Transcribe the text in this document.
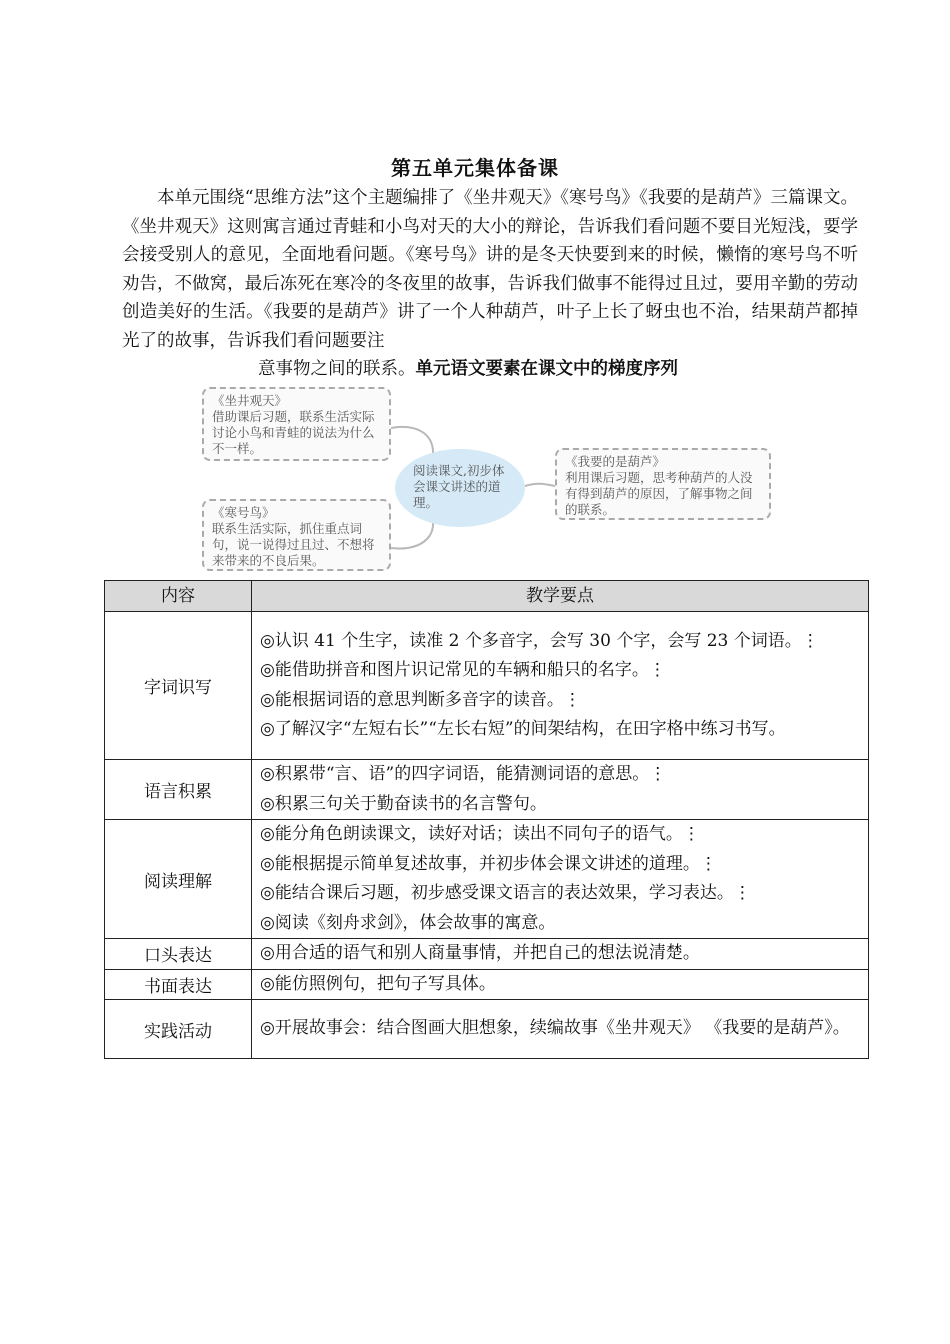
第五单元集体备课
本单元围绕“思维方法”这个主题编排了《坐井观天》《寒号鸟》《我要的是葫芦》三篇课文。《坐井观天》这则寓言通过青蛙和小鸟对天的大小的辩论，告诉我们看问题不要目光短浅，要学会接受别人的意见，全面地看问题。《寒号鸟》讲的是冬天快要到来的时候，懒惰的寒号鸟不听劝告，不做窝，最后冻死在寒冷的冬夜里的故事，告诉我们做事不能得过且过，要用辛勤的劳动创造美好的生活。《我要的是葫芦》讲了一个人种葫芦，叶子上长了蚜虫也不治，结果葫芦都掉光了的故事，告诉我们看问题要注
意事物之间的联系。单元语文要素在课文中的梯度序列
《坐井观天》
借助课后习题，联系生活实际讨论小鸟和青蛙的说法为什么不一样。
《寒号鸟》
联系生活实际，抓住重点词句，说一说得过且过、不想将来带来的不良后果。
阅读课文,初步体会课文讲述的道理。
《我要的是葫芦》
利用课后习题，思考种葫芦的人没有得到葫芦的原因，了解事物之间的联系。
内容	教学要点
字词识写	◎认识 41 个生字，读准 2 个多音字，会写 30 个字，会写 23 个词语。⋮
◎能借助拼音和图片识记常见的车辆和船只的名字。⋮
◎能根据词语的意思判断多音字的读音。⋮
◎了解汉字“左短右长”“左长右短”的间架结构，在田字格中练习书写。

语言积累	◎积累带“言、语”的四字词语，能猜测词语的意思。⋮
◎积累三句关于勤奋读书的名言警句。

阅读理解	◎能分角色朗读课文，读好对话；读出不同句子的语气。⋮
◎能根据提示简单复述故事，并初步体会课文讲述的道理。⋮
◎能结合课后习题，初步感受课文语言的表达效果，学习表达。⋮
◎阅读《刻舟求剑》，体会故事的寓意。

口头表达	◎用合适的语气和别人商量事情，并把自己的想法说清楚。

书面表达	◎能仿照例句，把句子写具体。

实践活动	◎开展故事会：结合图画大胆想象，续编故事《坐井观天》 《我要的是葫芦》。
